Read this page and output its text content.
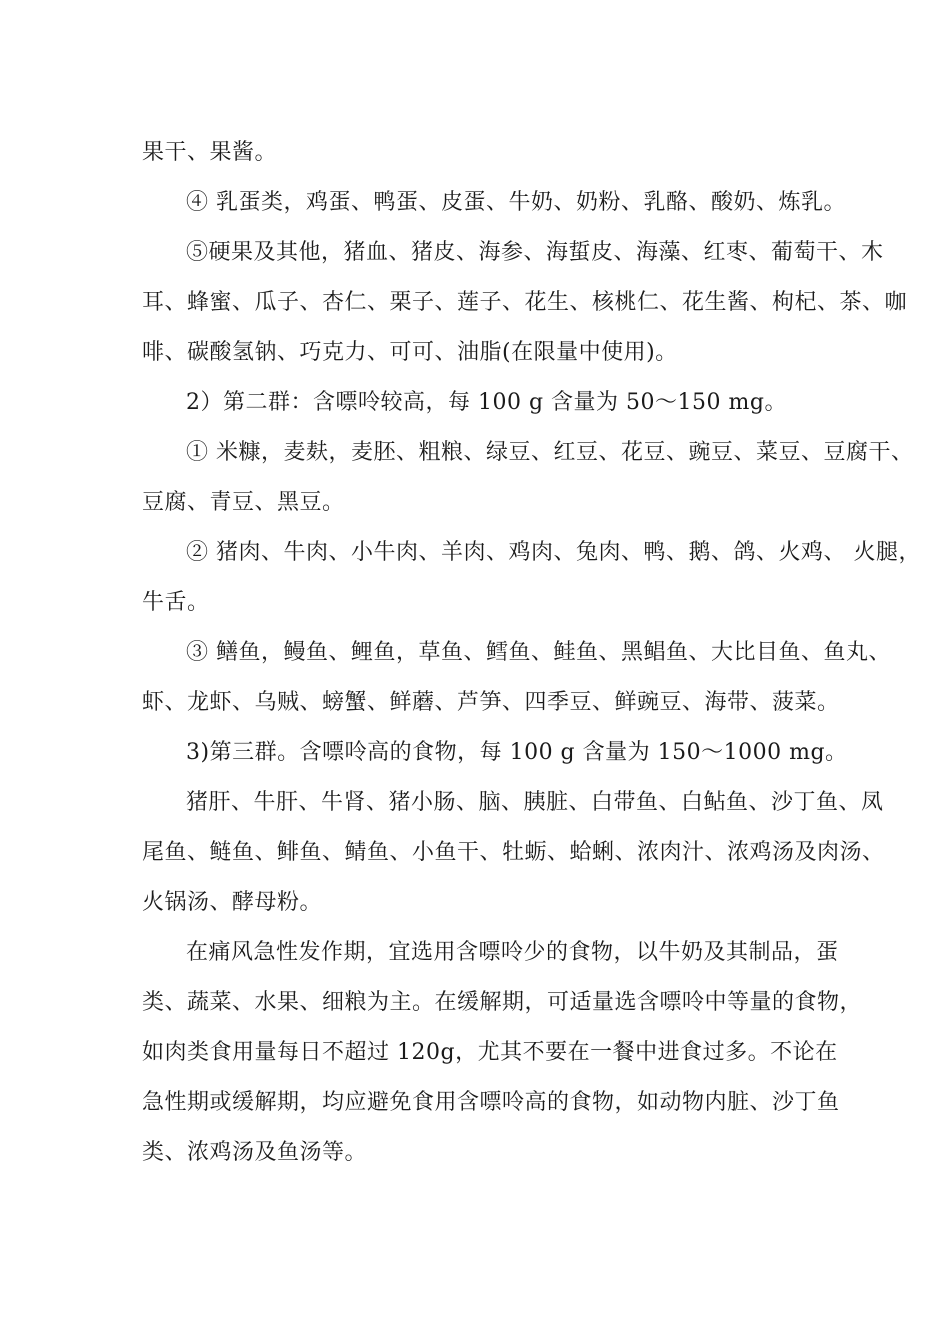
果干、果酱。
④ 乳蛋类，鸡蛋、鸭蛋、皮蛋、牛奶、奶粉、乳酪、酸奶、炼乳。
⑤硬果及其他，猪血、猪皮、海参、海蜇皮、海藻、红枣、葡萄干、木
耳、蜂蜜、瓜子、杏仁、栗子、莲子、花生、核桃仁、花生酱、枸杞、茶、咖
啡、碳酸氢钠、巧克力、可可、油脂(在限量中使用)。
2）第二群：含嘌呤较高，每 100 g 含量为 50～150 mg。
① 米糠，麦麸，麦胚、粗粮、绿豆、红豆、花豆、豌豆、菜豆、豆腐干、
豆腐、青豆、黑豆。
② 猪肉、牛肉、小牛肉、羊肉、鸡肉、兔肉、鸭、鹅、鸽、火鸡、 火腿，
牛舌。
③ 鳝鱼，鳗鱼、鲤鱼，草鱼、鳕鱼、鲑鱼、黑鲳鱼、大比目鱼、鱼丸、
虾、龙虾、乌贼、螃蟹、鲜蘑、芦笋、四季豆、鲜豌豆、海带、菠菜。
3)第三群。含嘌呤高的食物，每 100 g 含量为 150～1000 mg。
猪肝、牛肝、牛肾、猪小肠、脑、胰脏、白带鱼、白鲇鱼、沙丁鱼、凤
尾鱼、鲢鱼、鲱鱼、鲭鱼、小鱼干、牡蛎、蛤蜊、浓肉汁、浓鸡汤及肉汤、
火锅汤、酵母粉。
在痛风急性发作期，宜选用含嘌呤少的食物，以牛奶及其制品，蛋
类、蔬菜、水果、细粮为主。在缓解期，可适量选含嘌呤中等量的食物，
如肉类食用量每日不超过 120g，尤其不要在一餐中进食过多。不论在
急性期或缓解期，均应避免食用含嘌呤高的食物，如动物内脏、沙丁鱼
类、浓鸡汤及鱼汤等。
